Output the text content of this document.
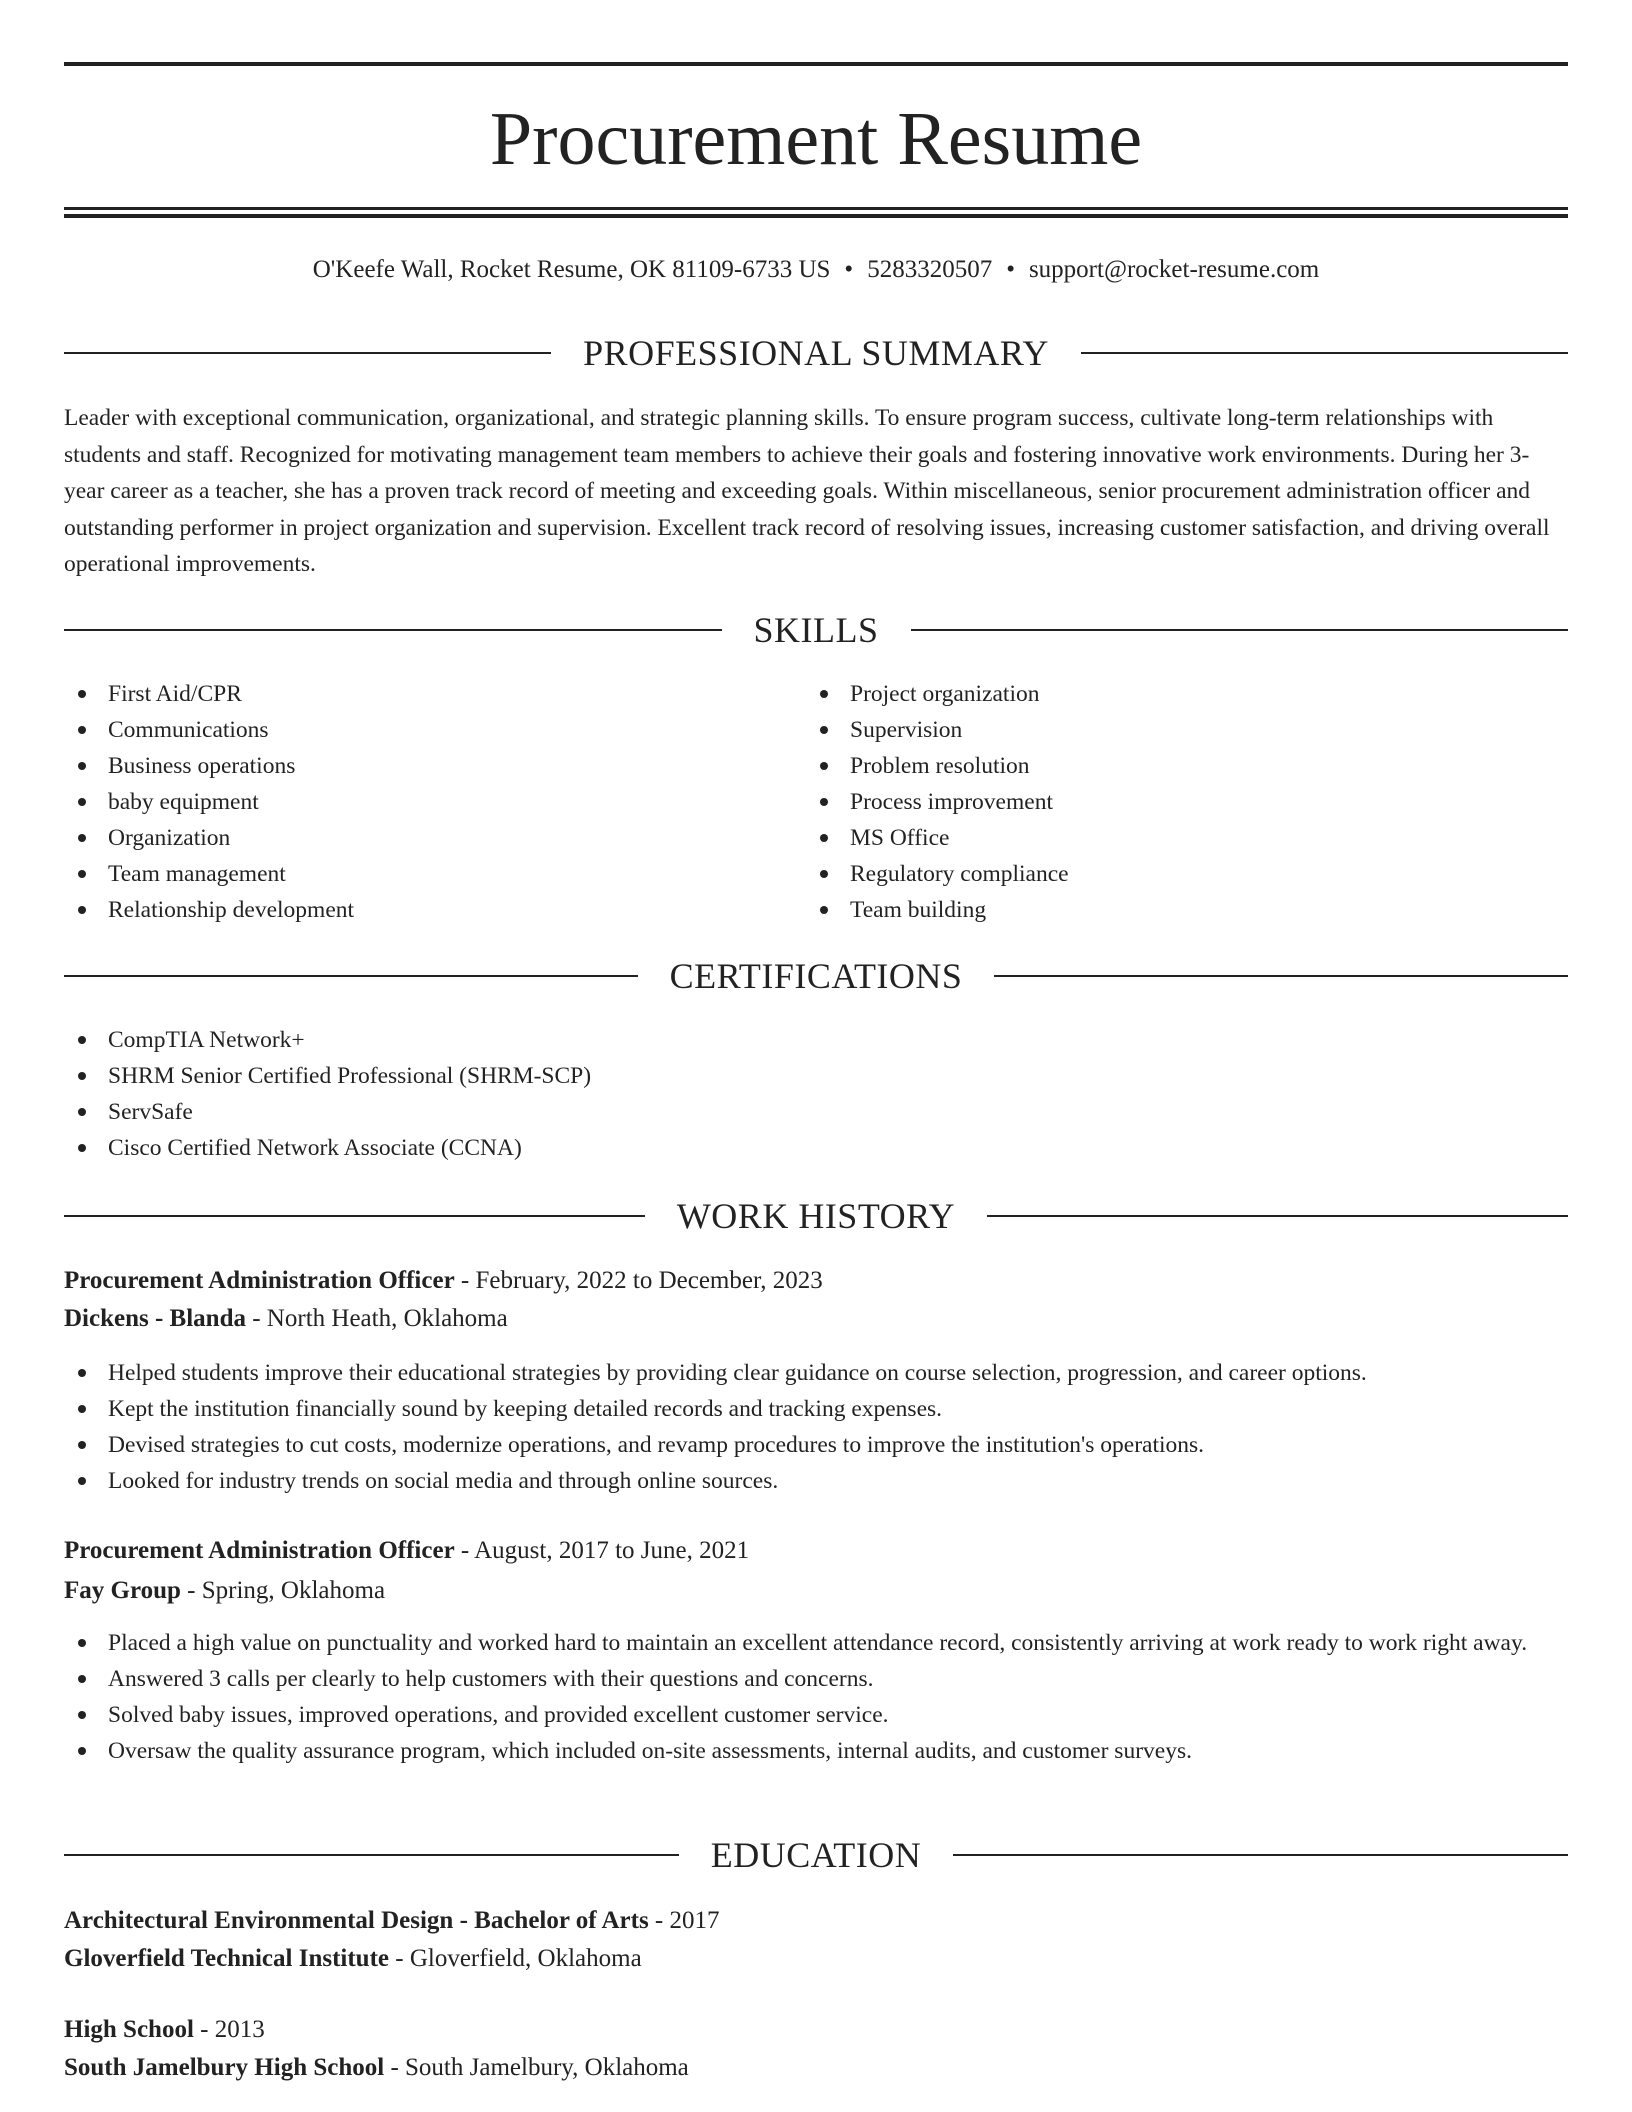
Procurement Resume
O'Keefe Wall, Rocket Resume, OK 81109-6733 US • 5283320507 • support@rocket-resume.com
PROFESSIONAL SUMMARY

Leader with exceptional communication, organizational, and strategic planning skills. To ensure program success, cultivate long-term relationships with students and staff. Recognized for motivating management team members to achieve their goals and fostering innovative work environments. During her 3-year career as a teacher, she has a proven track record of meeting and exceeding goals. Within miscellaneous, senior procurement administration officer and outstanding performer in project organization and supervision. Excellent track record of resolving issues, increasing customer satisfaction, and driving overall operational improvements.

SKILLS
First Aid/CPR
Communications
Business operations
baby equipment
Organization
Team management
Relationship development
Project organization
Supervision
Problem resolution
Process improvement
MS Office
Regulatory compliance
Team building
CERTIFICATIONS
CompTIA Network+
SHRM Senior Certified Professional (SHRM-SCP)
ServSafe
Cisco Certified Network Associate (CCNA)
WORK HISTORY
Procurement Administration Officer - February, 2022 to December, 2023
Dickens - Blanda - North Heath, Oklahoma
Helped students improve their educational strategies by providing clear guidance on course selection, progression, and career options.
Kept the institution financially sound by keeping detailed records and tracking expenses.
Devised strategies to cut costs, modernize operations, and revamp procedures to improve the institution's operations.
Looked for industry trends on social media and through online sources.
Procurement Administration Officer - August, 2017 to June, 2021
Fay Group - Spring, Oklahoma
Placed a high value on punctuality and worked hard to maintain an excellent attendance record, consistently arriving at work ready to work right away.
Answered 3 calls per clearly to help customers with their questions and concerns.
Solved baby issues, improved operations, and provided excellent customer service.
Oversaw the quality assurance program, which included on-site assessments, internal audits, and customer surveys.
EDUCATION
Architectural Environmental Design - Bachelor of Arts - 2017
Gloverfield Technical Institute - Gloverfield, Oklahoma
High School - 2013
South Jamelbury High School - South Jamelbury, Oklahoma
